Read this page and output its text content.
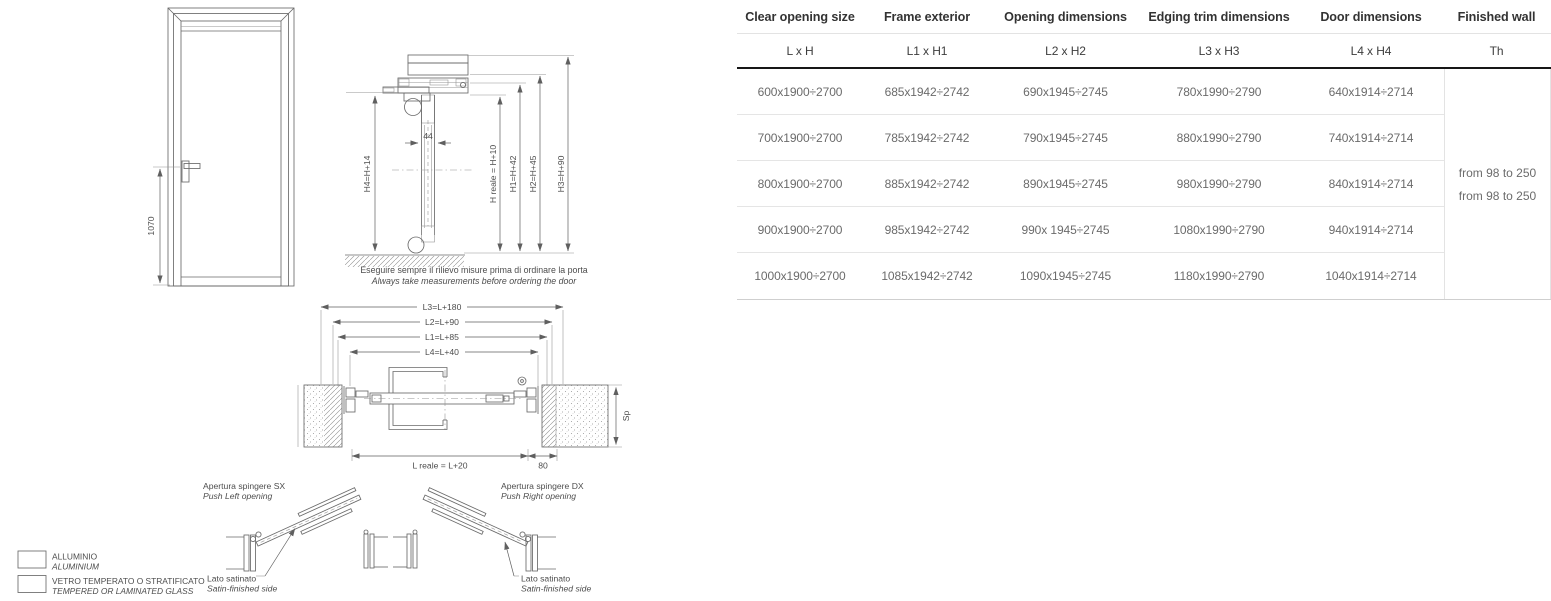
1070
44
H4=H+14	H reale = H+10 H1=H+42 H2=H+45 H3=H+90
Eseguire sempre il rilievo misure prima di ordinare la porta
Always take measurements before ordering the door
L3=L+180
L2=L+90
L1=L+85
L4=L+40
L reale = L+20	80
Sp
Apertura spingere SX
Push Left opening
Lato satinato
Satin-finished side
Apertura spingere DX
Push Right opening
Lato satinato
Satin-finished side
ALLUMINIO
ALUMINIUM
VETRO TEMPERATO O STRATIFICATO
TEMPERED OR LAMINATED GLASS
Clear opening size	Frame exterior	Opening dimensions	Edging trim dimensions	Door dimensions	Finished wall
L x H	L1 x H1	L2 x H2	L3 x H3	L4 x H4	Th
600x1900÷2700	685x1942÷2742	690x1945÷2745	780x1990÷2790	640x1914÷2714
700x1900÷2700	785x1942÷2742	790x1945÷2745	880x1990÷2790	740x1914÷2714
800x1900÷2700	885x1942÷2742	890x1945÷2745	980x1990÷2790	840x1914÷2714
900x1900÷2700	985x1942÷2742	990x 1945÷2745	1080x1990÷2790	940x1914÷2714
1000x1900÷2700	1085x1942÷2742	1090x1945÷2745	1180x1990÷2790	1040x1914÷2714
from 98 to 250
from 98 to 250
